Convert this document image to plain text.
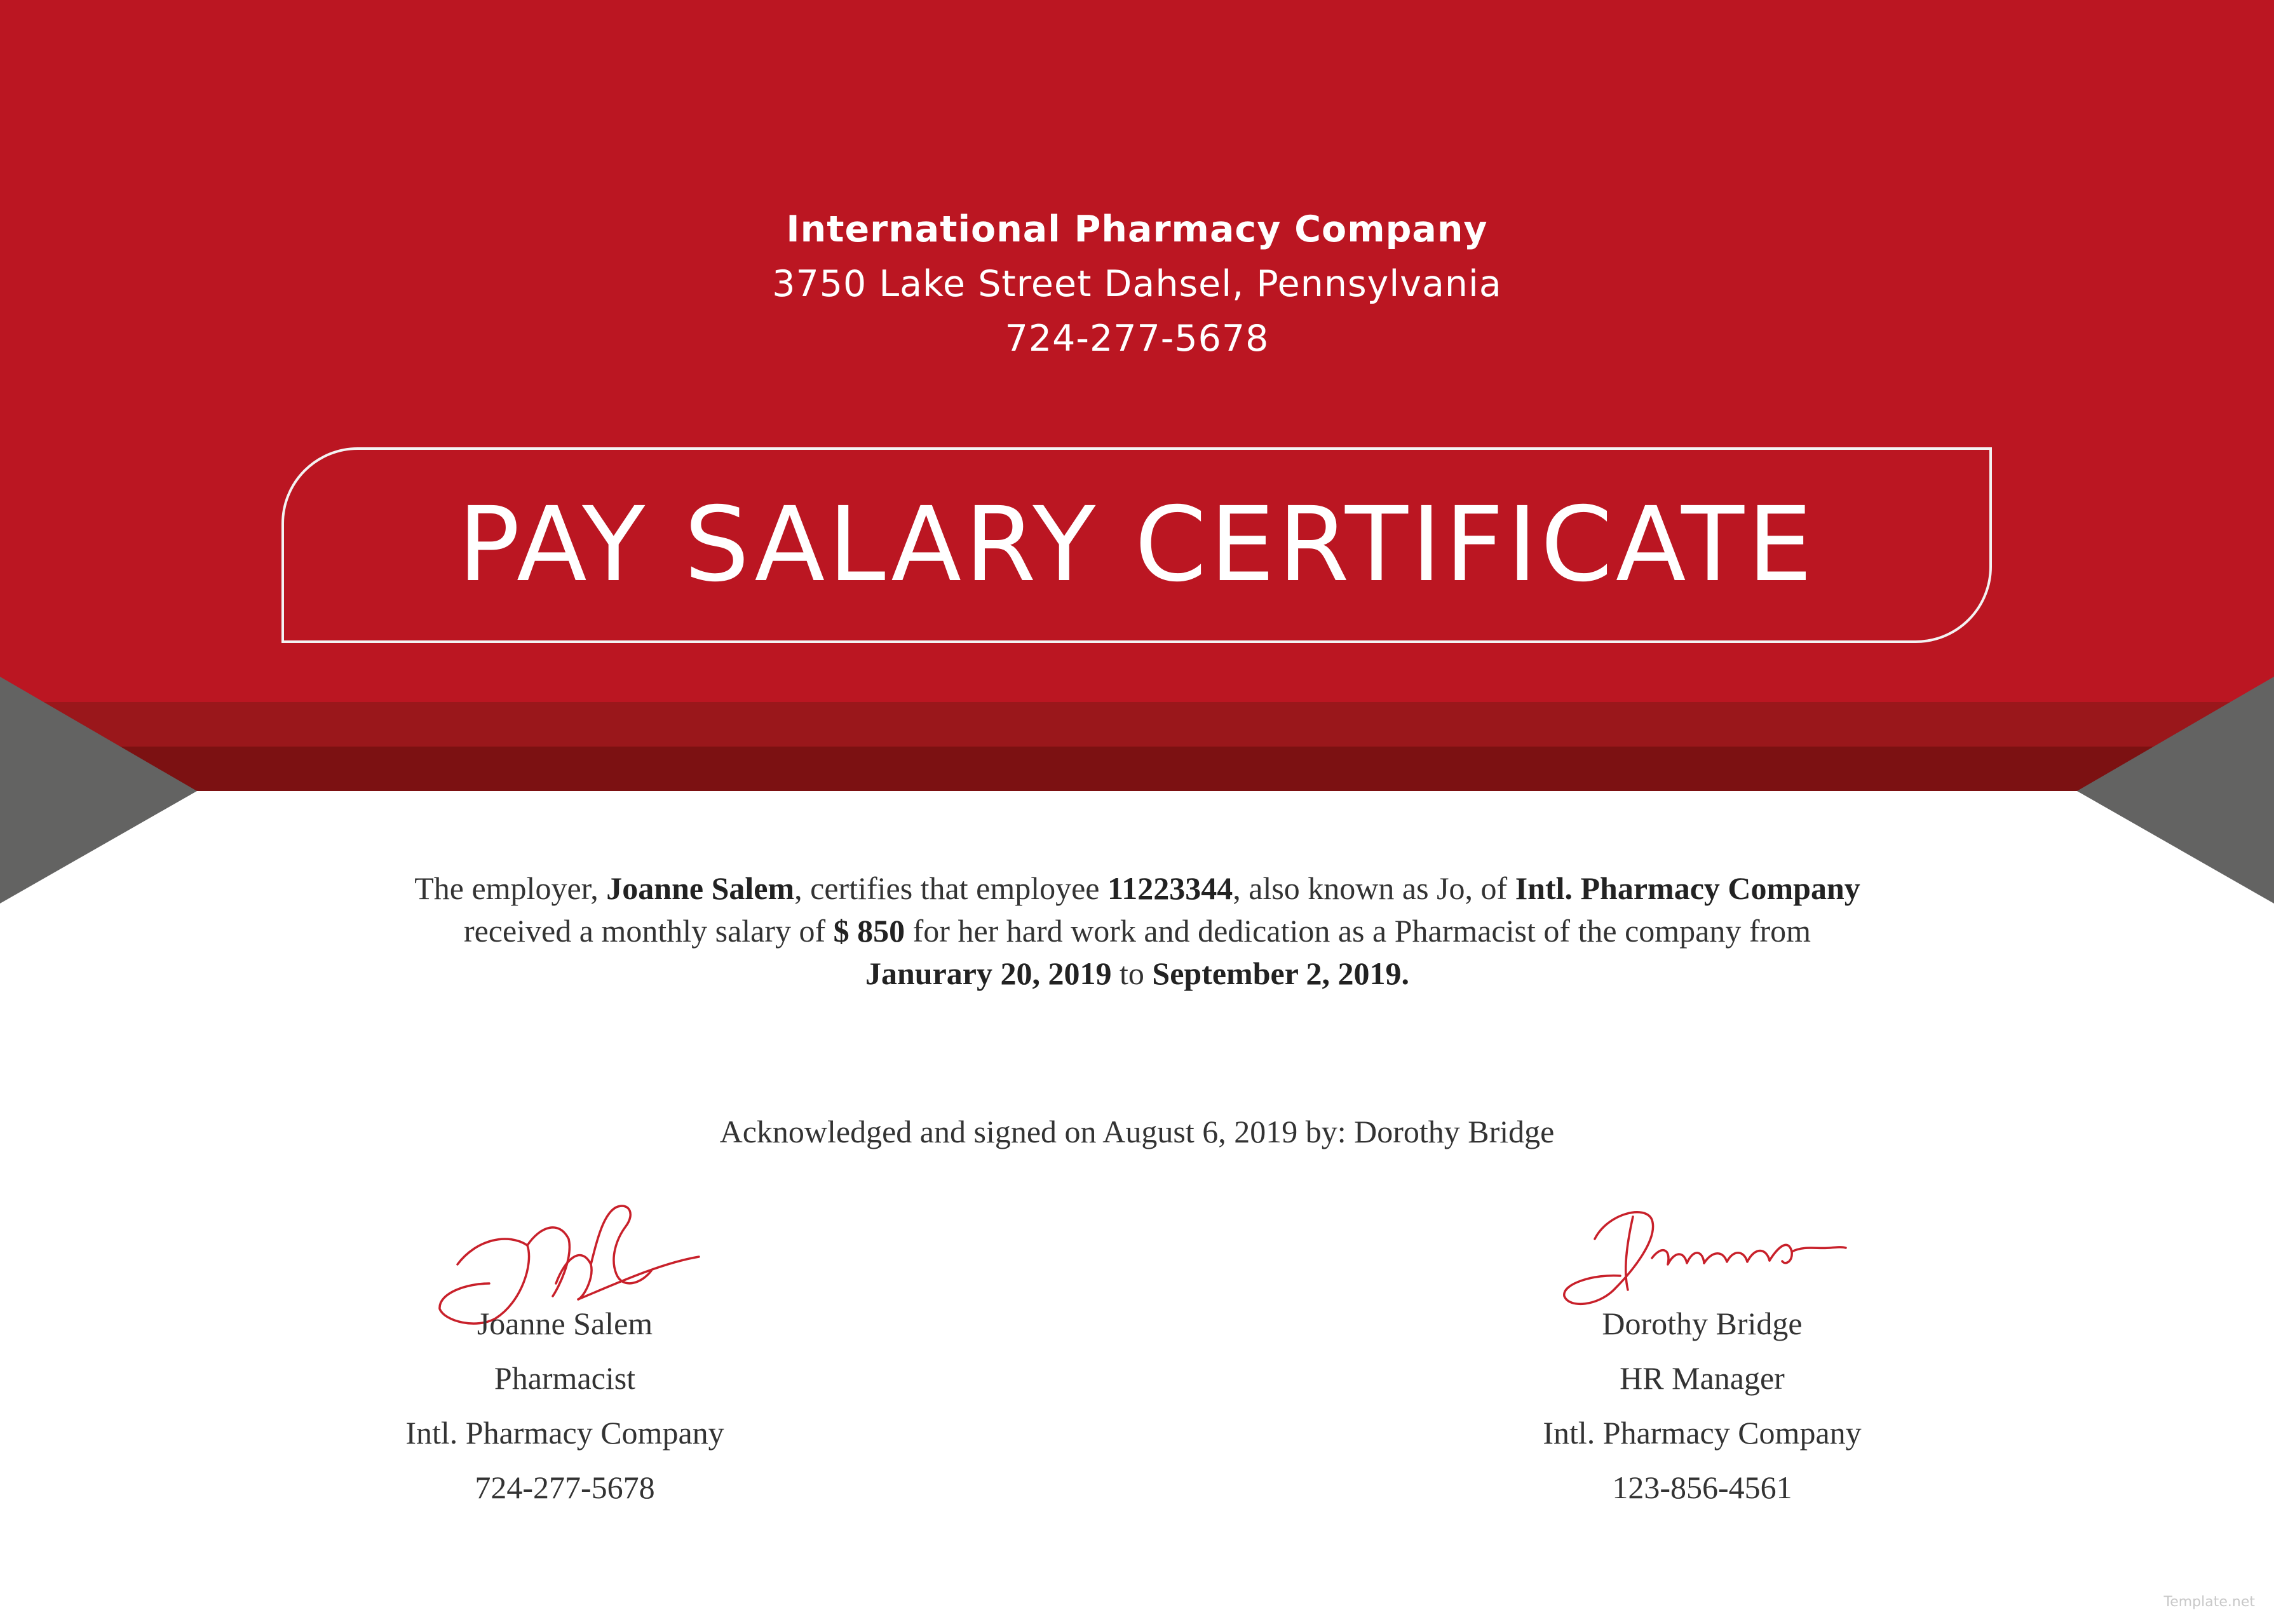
International Pharmacy Company
3750 Lake Street Dahsel, Pennsylvania
724-277-5678
PAY SALARY CERTIFICATE
The employer, Joanne Salem, certifies that employee 11223344, also known as Jo, of Intl. Pharmacy Company
received a monthly salary of $ 850 for her hard work and dedication as a Pharmacist of the company from
Janurary 20, 2019 to September 2, 2019.
Acknowledged and signed on August 6, 2019 by: Dorothy Bridge
Joanne Salem
Pharmacist
Intl. Pharmacy Company
724-277-5678
Dorothy Bridge
HR Manager
Intl. Pharmacy Company
123-856-4561
Template.net
